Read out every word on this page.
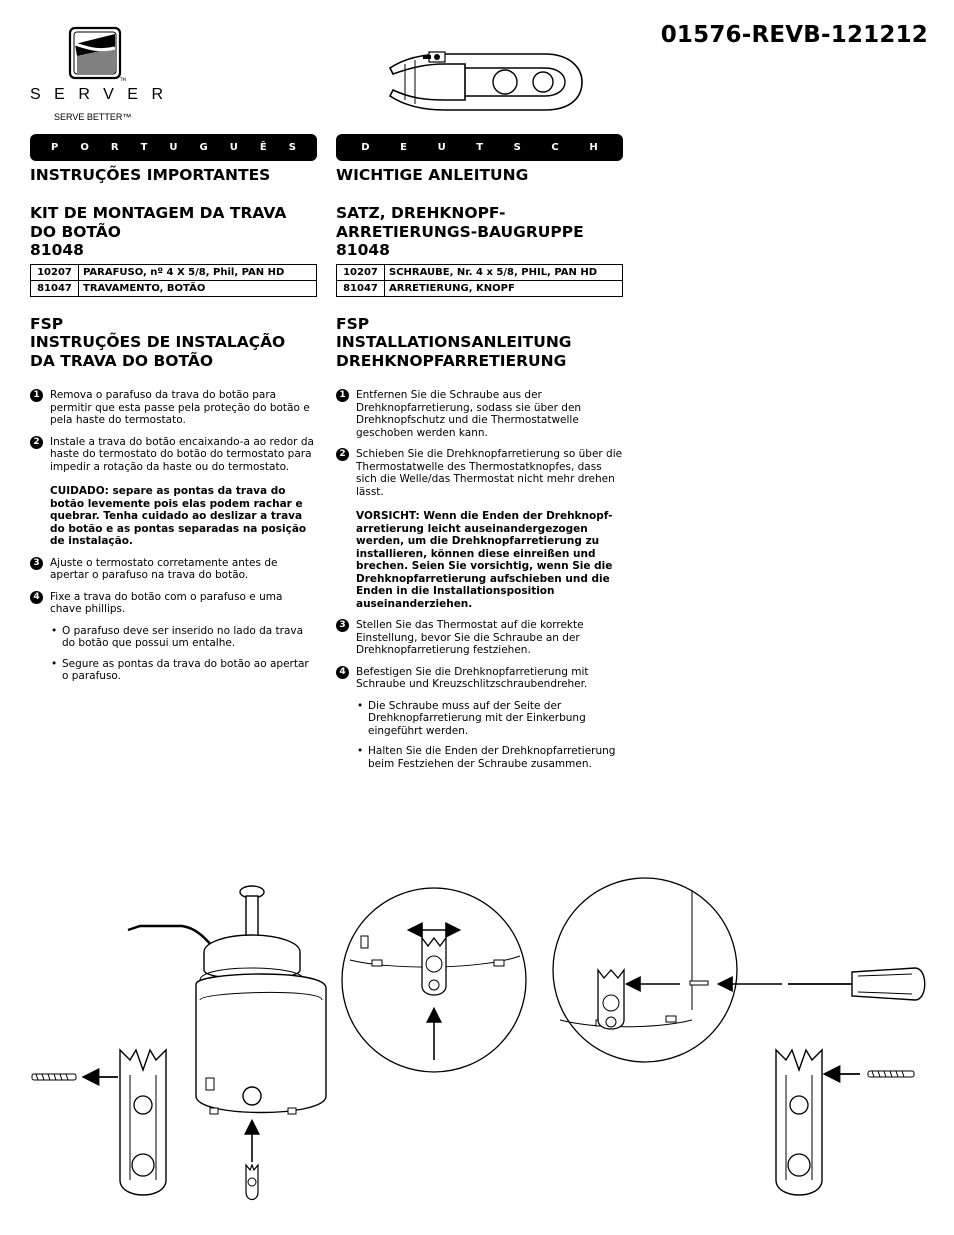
01576-REVB-121212
TM
SERVER
SERVE BETTER™
P O R T U G U Ê S
INSTRUÇÕES IMPORTANTES
KIT DE MONTAGEM DA TRAVA
DO BOTÃO
81048
10207	PARAFUSO, nº 4 X 5/8, Phil, PAN HD
81047	TRAVAMENTO, BOTÃO
FSP
INSTRUÇÕES DE INSTALAÇÃO
DA TRAVA DO BOTÃO
1 Remova o parafuso da trava do botão para permitir que esta passe pela proteção do botão e pela haste do termostato.
2 Instale a trava do botão encaixando-a ao redor da haste do termostato do botão do termostato para impedir a rotação da haste ou do termostato.
CUIDADO: separe as pontas da trava do botão levemente pois elas podem rachar e quebrar. Tenha cuidado ao deslizar a trava do botão e as pontas separadas na posição de instalação.
3 Ajuste o termostato corretamente antes de apertar o parafuso na trava do botão.
4 Fixe a trava do botão com o parafuso e uma chave phillips.
• O parafuso deve ser inserido no lado da trava do botão que possui um entalhe.
• Segure as pontas da trava do botão ao apertar o parafuso.
D	E	U	T	S	C	H
WICHTIGE ANLEITUNG
SATZ, DREHKNOPF-
ARRETIERUNGS-BAUGRUPPE
81048
10207	SCHRAUBE, Nr. 4 x 5/8, PHIL, PAN HD
81047	ARRETIERUNG, KNOPF
FSP
INSTALLATIONSANLEITUNG
DREHKNOPFARRETIERUNG
1 Entfernen Sie die Schraube aus der Drehknopfarretierung, sodass sie über den Drehknopfschutz und die Thermostatwelle geschoben werden kann.
2 Schieben Sie die Drehknopfarretierung so über die Thermostatwelle des Thermostatknopfes, dass sich die Welle/das Thermostat nicht mehr drehen lässt.
VORSICHT: Wenn die Enden der Drehknopf-arretierung leicht auseinandergezogen werden, um die Drehknopfarretierung zu installieren, können diese einreißen und brechen. Seien Sie vorsichtig, wenn Sie die Drehknopfarretierung aufschieben und die Enden in die Installationsposition auseinanderziehen.
3 Stellen Sie das Thermostat auf die korrekte Einstellung, bevor Sie die Schraube an der Drehknopfarretierung festziehen.
4 Befestigen Sie die Drehknopfarretierung mit Schraube und Kreuzschlitzschraubendreher.
• Die Schraube muss auf der Seite der Drehknopfarretierung mit der Einkerbung eingeführt werden.
• Halten Sie die Enden der Drehknopfarretierung beim Festziehen der Schraube zusammen.
